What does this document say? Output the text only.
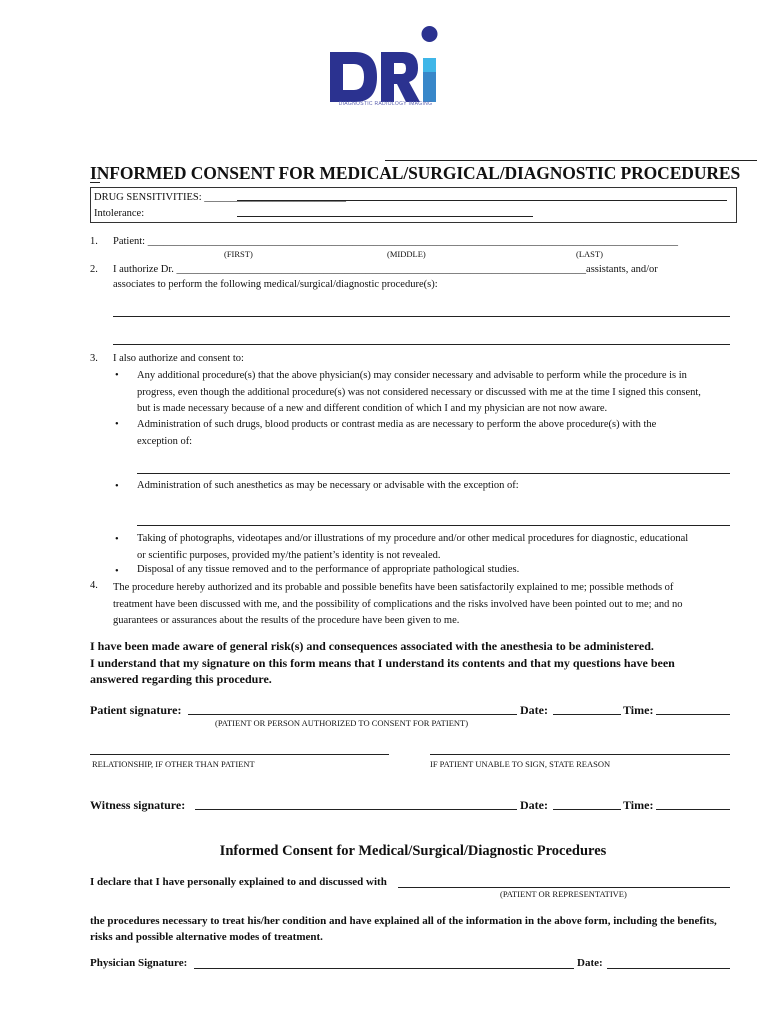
DIAGNOSTIC RADIOLOGY IMAGING
INFORMED CONSENT FOR MEDICAL/SURGICAL/DIAGNOSTIC PROCEDURES
DRUG SENSITIVITIES: ___________________________
Intolerance:
1.	Patient: _____________________________________________________________________________________________________
(FIRST)	(MIDDLE)	(LAST)
2.	I authorize Dr. ______________________________________________________________________________assistants, and/or
associates to perform the following medical/surgical/diagnostic procedure(s):
3.	I also authorize and consent to:
•	Any additional procedure(s) that the above physician(s) may consider necessary and advisable to perform while the procedure is in
progress, even though the additional procedure(s) was not considered necessary or discussed with me at the time I signed this consent,
but is made necessary because of a new and different condition of which I and my physician are not now aware.
•	Administration of such drugs, blood products or contrast media as are necessary to perform the above procedure(s) with the
exception of:
•	Administration of such anesthetics as may be necessary or advisable with the exception of:
•	Taking of photographs, videotapes and/or illustrations of my procedure and/or other medical procedures for diagnostic, educational
or scientific purposes, provided my/the patient’s identity is not revealed.
•	Disposal of any tissue removed and to the performance of appropriate pathological studies.
4.	The procedure hereby authorized and its probable and possible benefits have been satisfactorily explained to me; possible methods of
treatment have been discussed with me, and the possibility of complications and the risks involved have been pointed out to me; and no
guarantees or assurances about the results of the procedure have been given to me.
I have been made aware of general risk(s) and consequences associated with the anesthesia to be administered.
I understand that my signature on this form means that I understand its contents and that my questions have been
answered regarding this procedure.
Patient signature:	Date:	Time:
(PATIENT OR PERSON AUTHORIZED TO CONSENT FOR PATIENT)
RELATIONSHIP, IF OTHER THAN PATIENT	IF PATIENT UNABLE TO SIGN, STATE REASON
Witness signature:	Date:	Time:
Informed Consent for Medical/Surgical/Diagnostic Procedures
I declare that I have personally explained to and discussed with
(PATIENT OR REPRESENTATIVE)
the procedures necessary to treat his/her condition and have explained all of the information in the above form, including the benefits,
risks and possible alternative modes of treatment.
Physician Signature:	Date:
